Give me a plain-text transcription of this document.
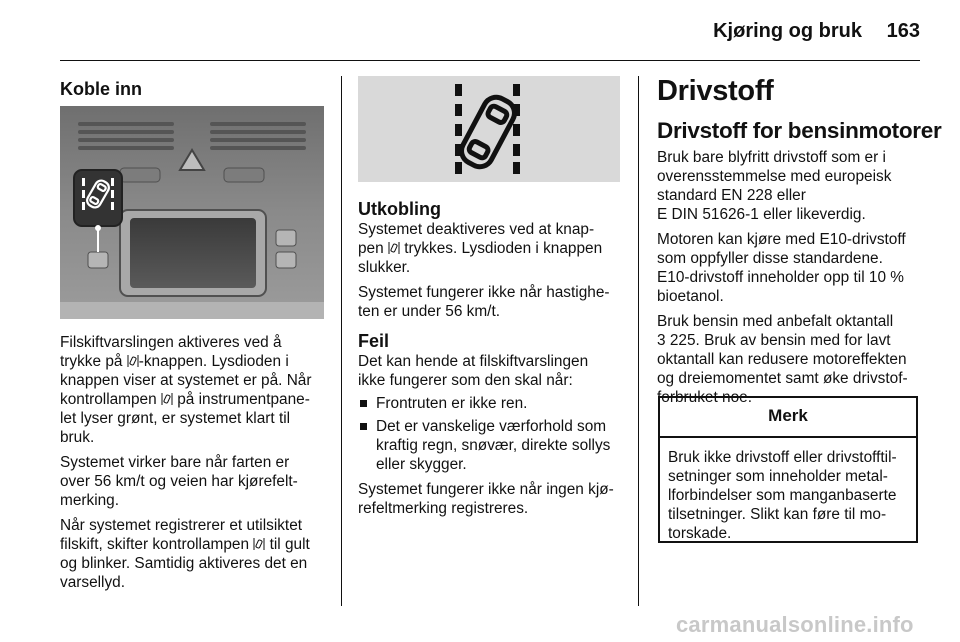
Kjøring og bruk 163
Koble inn

Filskiftvarslingen aktiveres ved å
trykke på -knappen. Lysdioden i
knappen viser at systemet er på. Når
kontrollampen  på instrumentpane-
let lyser grønt, er systemet klart til
bruk.

Systemet virker bare når farten er
over 56 km/t og veien har kjørefelt-
merking.

Når systemet registrerer et utilsiktet
filskift, skifter kontrollampen  til gult
og blinker. Samtidig aktiveres det en
varsellyd.

Utkobling

Systemet deaktiveres ved at knap-
pen  trykkes. Lysdioden i knappen
slukker.

Systemet fungerer ikke når hastighe-
ten er under 56 km/t.

Feil

Det kan hende at filskiftvarslingen
ikke fungerer som den skal når:

Frontruten er ikke ren.
Det er vanskelige værforhold som
kraftig regn, snøvær, direkte sollys
eller skygger.

Systemet fungerer ikke når ingen kjø-
refeltmerking registreres.

Drivstoff
Drivstoff for bensinmotorer

Bruk bare blyfritt drivstoff som er i
overensstemmelse med europeisk
standard EN 228 eller
E DIN 51626-1 eller likeverdig.

Motoren kan kjøre med E10-drivstoff
som oppfyller disse standardene.
E10-drivstoff inneholder opp til 10 %
bioetanol.

Bruk bensin med anbefalt oktantall
3 225. Bruk av bensin med for lavt
oktantall kan redusere motoreffekten
og dreiemomentet samt øke drivstof-
forbruket noe.

Merk
Bruk ikke drivstoff eller drivstofftil-
setninger som inneholder metal-
lforbindelser som manganbaserte
tilsetninger. Slikt kan føre til mo-
torskade.
carmanualsonline.info
